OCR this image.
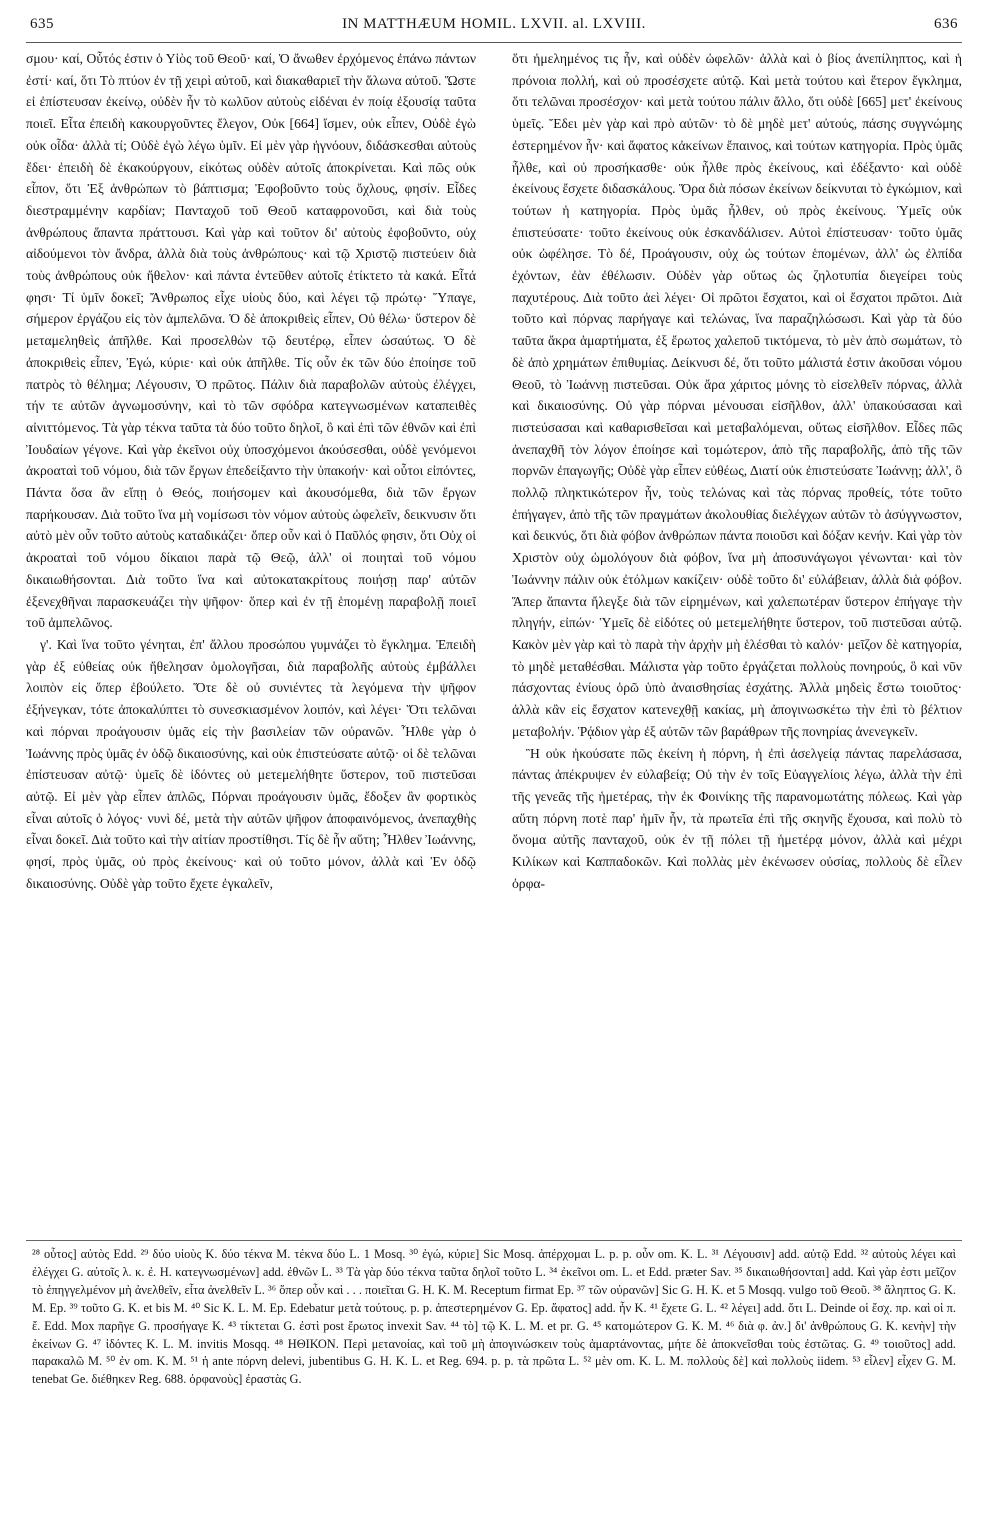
635	IN MATTHÆUM HOMIL. LXVII. al. LXVIII.	636

σμου· καί, Οὗτός ἐστιν ὁ Υἱὸς τοῦ Θεοῦ· καί, Ὁ ἄνωθεν ἐρχόμενος ἐπάνω πάντων ἐστί· καί, ὅτι Τὸ πτύον ἐν τῇ χειρὶ αὐτοῦ, καὶ διακαθαριεῖ τὴν ἅλωνα αὐτοῦ. Ὥστε εἰ ἐπίστευσαν ἐκείνῳ, οὐδὲν ἦν τὸ κωλῦον αὐτοὺς εἰδέναι ἐν ποίᾳ ἐξουσίᾳ ταῦτα ποιεῖ. Εἶτα ἐπειδὴ κακουργοῦντες ἔλεγον, Οὐκ [664] ἴσμεν, οὐκ εἶπεν, Οὐδὲ ἐγὼ οὐκ οἶδα· ἀλλὰ τί; Οὐδὲ ἐγὼ λέγω ὑμῖν. Εἰ μὲν γὰρ ἠγνόουν, διδάσκεσθαι αὐτοὺς ἔδει· ἐπειδὴ δὲ ἐκακούργουν, εἰκότως οὐδὲν αὐτοῖς ἀποκρίνεται. Καὶ πῶς οὐκ εἶπον, ὅτι Ἐξ ἀνθρώπων τὸ βάπτισμα; Ἐφοβοῦντο τοὺς ὄχλους, φησίν. Εἶδες διεστραμμένην καρδίαν; Πανταχοῦ τοῦ Θεοῦ καταφρονοῦσι, καὶ διὰ τοὺς ἀνθρώπους ἅπαντα πράττουσι. Καὶ γὰρ καὶ τοῦτον δι' αὐτοὺς ἐφοβοῦντο, οὐχ αἰδούμενοι τὸν ἄνδρα, ἀλλὰ διὰ τοὺς ἀνθρώπους· καὶ τῷ Χριστῷ πιστεύειν διὰ τοὺς ἀνθρώπους οὐκ ἤθελον· καὶ πάντα ἐντεῦθεν αὐτοῖς ἐτίκτετο τὰ κακά. Εἶτά φησι· Τί ὑμῖν δοκεῖ; Ἄνθρωπος εἶχε υἱοὺς δύο, καὶ λέγει τῷ πρώτῳ· Ὕπαγε, σήμερον ἐργάζου εἰς τὸν ἀμπελῶνα. Ὁ δὲ ἀποκριθεὶς εἶπεν, Οὐ θέλω· ὕστερον δὲ μεταμεληθεὶς ἀπῆλθε. Καὶ προσελθὼν τῷ δευτέρῳ, εἶπεν ὡσαύτως. Ὁ δὲ ἀποκριθεὶς εἶπεν, Ἐγώ, κύριε· καὶ οὐκ ἀπῆλθε. Τίς οὖν ἐκ τῶν δύο ἐποίησε τοῦ πατρὸς τὸ θέλημα; Λέγουσιν, Ὁ πρῶτος. Πάλιν διὰ παραβολῶν αὐτοὺς ἐλέγχει, τήν τε αὐτῶν ἀγνωμοσύνην, καὶ τὸ τῶν σφόδρα κατεγνωσμένων καταπειθὲς αἰνιττόμενος. Τὰ γὰρ τέκνα ταῦτα τὰ δύο τοῦτο δηλοῖ, ὃ καὶ ἐπὶ τῶν ἐθνῶν καὶ ἐπὶ Ἰουδαίων γέγονε. Καὶ γὰρ ἐκεῖνοι οὐχ ὑποσχόμενοι ἀκούσεσθαι, οὐδὲ γενόμενοι ἀκροαταὶ τοῦ νόμου, διὰ τῶν ἔργων ἐπεδείξαντο τὴν ὑπακοήν· καὶ οὗτοι εἰπόντες, Πάντα ὅσα ἂν εἴπῃ ὁ Θεός, ποιήσομεν καὶ ἀκουσόμεθα, διὰ τῶν ἔργων παρήκουσαν. Διὰ τοῦτο ἵνα μὴ νομίσωσι τὸν νόμον αὐτοὺς ὠφελεῖν, δεικνυσιν ὅτι αὐτὸ μὲν οὖν τοῦτο αὐτοὺς καταδικάζει· ὅπερ οὖν καὶ ὁ Παῦλός φησιν, ὅτι Οὐχ οἱ ἀκροαταὶ τοῦ νόμου δίκαιοι παρὰ τῷ Θεῷ, ἀλλ' οἱ ποιηταὶ τοῦ νόμου δικαιωθήσονται. Διὰ τοῦτο ἵνα καὶ αὐτοκατακρίτους ποιήσῃ παρ' αὐτῶν ἐξενεχθῆναι παρασκευάζει τὴν ψῆφον· ὅπερ καὶ ἐν τῇ ἑπομένῃ παραβολῇ ποιεῖ τοῦ ἀμπελῶνος.

γ'. Καὶ ἵνα τοῦτο γένηται, ἐπ' ἄλλου προσώπου γυμνάζει τὸ ἔγκλημα. Ἐπειδὴ γὰρ ἐξ εὐθείας οὐκ ἤθελησαν ὁμολογῆσαι, διὰ παραβολῆς αὐτοὺς ἐμβάλλει λοιπὸν εἰς ὅπερ ἐβούλετο. Ὅτε δὲ οὐ συνιέντες τὰ λεγόμενα τὴν ψῆφον ἐξήνεγκαν, τότε ἀποκαλύπτει τὸ συνεσκιασμένον λοιπόν, καὶ λέγει· Ὅτι τελῶναι καὶ πόρναι προάγουσιν ὑμᾶς εἰς τὴν βασιλείαν τῶν οὐρανῶν. Ἦλθε γὰρ ὁ Ἰωάννης πρὸς ὑμᾶς ἐν ὁδῷ δικαιοσύνης, καὶ οὐκ ἐπιστεύσατε αὐτῷ· οἱ δὲ τελῶναι ἐπίστευσαν αὐτῷ· ὑμεῖς δὲ ἰδόντες οὐ μετεμελήθητε ὕστερον, τοῦ πιστεῦσαι αὐτῷ. Εἰ μὲν γὰρ εἶπεν ἁπλῶς, Πόρναι προάγουσιν ὑμᾶς, ἔδοξεν ἂν φορτικὸς εἶναι αὐτοῖς ὁ λόγος· νυνὶ δέ, μετὰ τὴν αὐτῶν ψῆφον ἀποφαινόμενος, ἀνεπαχθὴς εἶναι δοκεῖ. Διὰ τοῦτο καὶ τὴν αἰτίαν προστίθησι. Τίς δὲ ἦν αὕτη; Ἦλθεν Ἰωάννης, φησί, πρὸς ὑμᾶς, οὐ πρὸς ἐκείνους· καὶ οὐ τοῦτο μόνον, ἀλλὰ καὶ Ἐν ὁδῷ δικαιοσύνης. Οὐδὲ γὰρ τοῦτο ἔχετε ἐγκαλεῖν,

ὅτι ἠμελημένος τις ἦν, καὶ οὐδὲν ὠφελῶν· ἀλλὰ καὶ ὁ βίος ἀνεπίληπτος, καὶ ἡ πρόνοια πολλή, καὶ οὐ προσέσχετε αὐτῷ. Καὶ μετὰ τούτου καὶ ἕτερον ἔγκλημα, ὅτι τελῶναι προσέσχον· καὶ μετὰ τούτου πάλιν ἄλλο, ὅτι οὐδὲ [665] μετ' ἐκείνους ὑμεῖς. Ἔδει μὲν γὰρ καὶ πρὸ αὐτῶν· τὸ δὲ μηδὲ μετ' αὐτούς, πάσης συγγνώμης ἐστερημένον ἦν· καὶ ἄφατος κἀκείνων ἔπαινος, καὶ τούτων κατηγορία. Πρὸς ὑμᾶς ἦλθε, καὶ οὐ προσήκασθε· οὐκ ἦλθε πρὸς ἐκείνους, καὶ ἐδέξαντο· καὶ οὐδὲ ἐκείνους ἔσχετε διδασκάλους. Ὅρα διὰ πόσων ἐκείνων δείκνυται τὸ ἐγκώμιον, καὶ τούτων ἡ κατηγορία. Πρὸς ὑμᾶς ἦλθεν, οὐ πρὸς ἐκείνους. Ὑμεῖς οὐκ ἐπιστεύσατε· τοῦτο ἐκείνους οὐκ ἐσκανδάλισεν. Αὐτοὶ ἐπίστευσαν· τοῦτο ὑμᾶς οὐκ ὠφέλησε. Τὸ δέ, Προάγουσιν, οὐχ ὡς τούτων ἑπομένων, ἀλλ' ὡς ἐλπίδα ἐχόντων, ἐὰν ἐθέλωσιν. Οὐδὲν γὰρ οὕτως ὡς ζηλοτυπία διεγείρει τοὺς παχυτέρους. Διὰ τοῦτο ἀεὶ λέγει· Οἱ πρῶτοι ἔσχατοι, καὶ οἱ ἔσχατοι πρῶτοι. Διὰ τοῦτο καὶ πόρνας παρήγαγε καὶ τελώνας, ἵνα παραζηλώσωσι. Καὶ γὰρ τὰ δύο ταῦτα ἄκρα ἁμαρτήματα, ἐξ ἔρωτος χαλεποῦ τικτόμενα, τὸ μὲν ἀπὸ σωμάτων, τὸ δὲ ἀπὸ χρημάτων ἐπιθυμίας. Δείκνυσι δέ, ὅτι τοῦτο μάλιστά ἐστιν ἀκοῦσαι νόμου Θεοῦ, τὸ Ἰωάννῃ πιστεῦσαι. Οὐκ ἄρα χάριτος μόνης τὸ εἰσελθεῖν πόρνας, ἀλλὰ καὶ δικαιοσύνης. Οὐ γὰρ πόρναι μένουσαι εἰσῆλθον, ἀλλ' ὑπακούσασαι καὶ πιστεύσασαι καὶ καθαρισθεῖσαι καὶ μεταβαλόμεναι, οὕτως εἰσῆλθον. Εἶδες πῶς ἀνεπαχθῆ τὸν λόγον ἐποίησε καὶ τομώτερον, ἀπὸ τῆς παραβολῆς, ἀπὸ τῆς τῶν πορνῶν ἐπαγωγῆς; Οὐδὲ γὰρ εἶπεν εὐθέως, Διατί οὐκ ἐπιστεύσατε Ἰωάννῃ; ἀλλ', ὃ πολλῷ πληκτικώτερον ἦν, τοὺς τελώνας καὶ τὰς πόρνας προθείς, τότε τοῦτο ἐπήγαγεν, ἀπὸ τῆς τῶν πραγμάτων ἀκολουθίας διελέγχων αὐτῶν τὸ ἀσύγγνωστον, καὶ δεικνύς, ὅτι διὰ φόβον ἀνθρώπων πάντα ποιοῦσι καὶ δόξαν κενήν. Καὶ γὰρ τὸν Χριστὸν οὐχ ὡμολόγουν διὰ φόβον, ἵνα μὴ ἀποσυνάγωγοι γένωνται· καὶ τὸν Ἰωάννην πάλιν οὐκ ἐτόλμων κακίζειν· οὐδὲ τοῦτο δι' εὐλάβειαν, ἀλλὰ διὰ φόβον. Ἅπερ ἅπαντα ἤλεγξε διὰ τῶν εἰρημένων, καὶ χαλεπωτέραν ὕστερον ἐπήγαγε τὴν πληγήν, εἰπών· Ὑμεῖς δὲ εἰδότες οὐ μετεμελήθητε ὕστερον, τοῦ πιστεῦσαι αὐτῷ. Κακὸν μὲν γὰρ καὶ τὸ παρὰ τὴν ἀρχὴν μὴ ἑλέσθαι τὸ καλόν· μεῖζον δὲ κατηγορία, τὸ μηδὲ μεταθέσθαι. Μάλιστα γὰρ τοῦτο ἐργάζεται πολλοὺς πονηρούς, ὃ καὶ νῦν πάσχοντας ἐνίους ὁρῶ ὑπὸ ἀναισθησίας ἐσχάτης. Ἀλλὰ μηδεὶς ἔστω τοιοῦτος· ἀλλὰ κἂν εἰς ἔσχατον κατενεχθῇ κακίας, μὴ ἀπογινωσκέτω τὴν ἐπὶ τὸ βέλτιον μεταβολήν. Ῥᾴδιον γὰρ ἐξ αὐτῶν τῶν βαράθρων τῆς πονηρίας ἀνενεγκεῖν.

Ἢ οὐκ ἠκούσατε πῶς ἐκείνη ἡ πόρνη, ἡ ἐπὶ ἀσελγείᾳ πάντας παρελάσασα, πάντας ἀπέκρυψεν ἐν εὐλαβείᾳ; Οὐ τὴν ἐν τοῖς Εὐαγγελίοις λέγω, ἀλλὰ τὴν ἐπὶ τῆς γενεᾶς τῆς ἡμετέρας, τὴν ἐκ Φοινίκης τῆς παρανομωτάτης πόλεως. Καὶ γὰρ αὕτη πόρνη ποτὲ παρ' ἡμῖν ἦν, τὰ πρωτεῖα ἐπὶ τῆς σκηνῆς ἔχουσα, καὶ πολὺ τὸ ὄνομα αὐτῆς πανταχοῦ, οὐκ ἐν τῇ πόλει τῇ ἡμετέρᾳ μόνον, ἀλλὰ καὶ μέχρι Κιλίκων καὶ Καππαδοκῶν. Καὶ πολλὰς μὲν ἐκένωσεν οὐσίας, πολλοὺς δὲ εἷλεν ὀρφα-

²⁸ οὗτος] αὐτὸς Edd. ²⁹ δύο υἱοὺς K. δύο τέκνα M. τέκνα δύο L. 1 Mosq. ³⁰ ἐγώ, κύριε] Sic Mosq. ἀπέρχομαι L. p. p. οὖν om. K. L. ³¹ Λέγουσιν] add. αὐτῷ Edd. ³² αὐτοὺς λέγει καὶ ἐλέγχει G. αὐτοῖς λ. κ. ἐ. H. κατεγνωσμένων] add. ἐθνῶν L. ³³ Τὰ γὰρ δύο τέκνα ταῦτα δηλοῖ τοῦτο L. ³⁴ ἐκεῖνοι om. L. et Edd. præter Sav. ³⁵ δικαιωθήσονται] add. Καὶ γὰρ ἐστι μεῖζον τὸ ἐπηγγελμένον μὴ ἀνελθεῖν, εἶτα ἀνελθεῖν L. ³⁶ ὅπερ οὖν καὶ . . . ποιεῖται G. H. K. M. Receptum firmat Ep. ³⁷ τῶν οὐρανῶν] Sic G. H. K. et 5 Mosqq. vulgo τοῦ Θεοῦ. ³⁸ ἄληπτος G. K. M. Ep. ³⁹ τοῦτο G. K. et bis M. ⁴⁰ Sic K. L. M. Ep. Edebatur μετὰ τούτους. p. p. ἀπεστερημένον G. Ep. ἄφατος] add. ἦν K. ⁴¹ ἔχετε G. L. ⁴² λέγει] add. ὅτι L. Deinde οἱ ἔσχ. πρ. καὶ οἱ π. ἔ. Edd. Mox παρῆγε G. προσήγαγε K. ⁴³ τίκτεται G. ἐστὶ post ἔρωτος invexit Sav. ⁴⁴ τὸ] τῷ K. L. M. et pr. G. ⁴⁵ κατομώτερον G. K. M. ⁴⁶ διὰ φ. ἀν.] δι' ἀνθρώπους G. K. κενὴν] τὴν ἐκείνων G. ⁴⁷ ἰδόντες K. L. M. invitis Mosqq. ⁴⁸ ΗΘΙΚΟΝ. Περὶ μετανοίας, καὶ τοῦ μὴ ἀπογινώσκειν τοὺς ἁμαρτάνοντας, μήτε δὲ ἀποκνεῖσθαι τοὺς ἐστῶτας. G. ⁴⁹ τοιοῦτος] add. παρακαλῶ M. ⁵⁰ ἐν om. K. M. ⁵¹ ἡ ante πόρνη delevi, jubentibus G. H. K. L. et Reg. 694. p. p. τὰ πρῶτα L. ⁵² μὲν om. K. L. M. πολλοὺς δὲ] καὶ πολλοὺς iidem. ⁵³ εἷλεν] εἶχεν G. M. tenebat Ge. διέθηκεν Reg. 688. ὀρφανοὺς] ἐραστὰς G.
